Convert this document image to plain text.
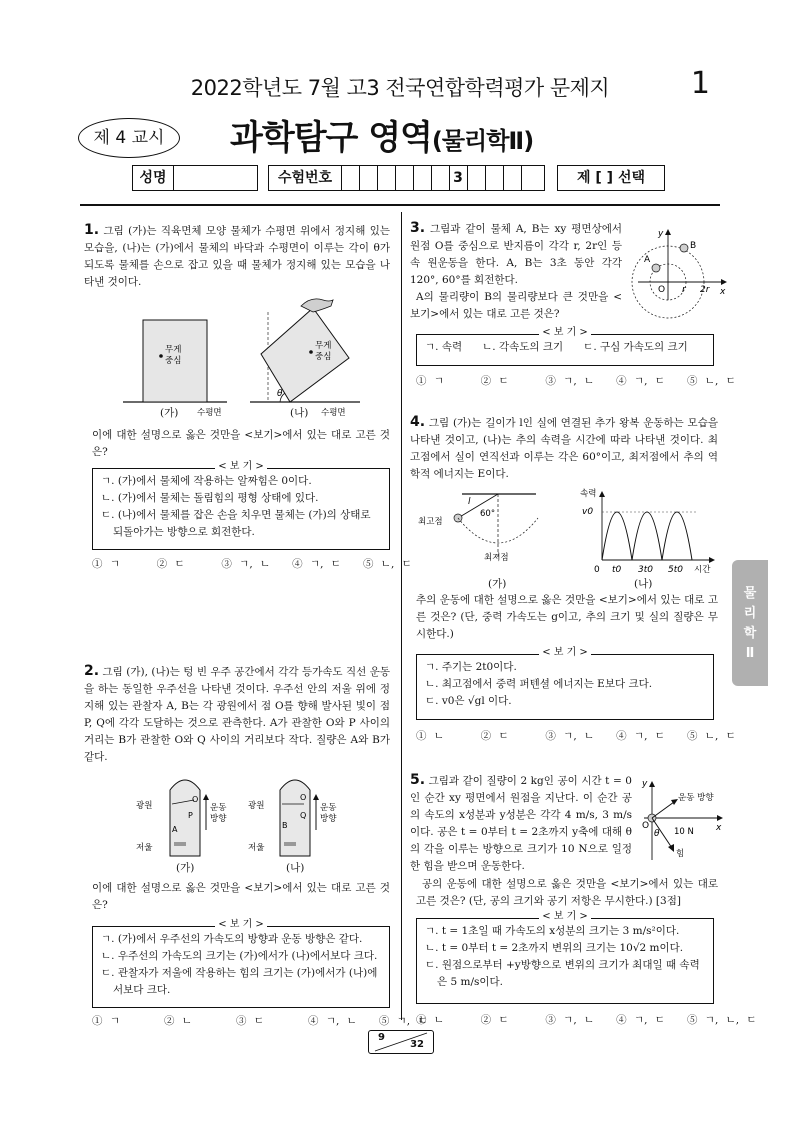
2022학년도 7월 고3 전국연합학력평가 문제지	1
제 4 교시	과학탐구 영역(물리학Ⅱ)
성명	수험번호	3	제 [ ] 선택
1. 그림 (가)는 직육면체 모양 물체가 수평면 위에서 정지해 있는 모습을, (나)는 (가)에서 물체의 바닥과 수평면이 이루는 각이 θ가 되도록 물체를 손으로 잡고 있을 때 물체가 정지해 있는 모습을 나타낸 것이다.
무게
중심
수평면
무게
중심
θ
수평면
(가)	(나)
이에 대한 설명으로 옳은 것만을 <보기>에서 있는 대로 고른 것은?
< 보 기 >
ㄱ. (가)에서 물체에 작용하는 알짜힘은 0이다.
ㄴ. (가)에서 물체는 돌림힘의 평형 상태에 있다.
ㄷ. (나)에서 물체를 잡은 손을 치우면 물체는 (가)의 상태로 되돌아가는 방향으로 회전한다.
① ㄱ     ② ㄷ     ③ ㄱ, ㄴ   ④ ㄱ, ㄷ   ⑤ ㄴ, ㄷ
2. 그림 (가), (나)는 텅 빈 우주 공간에서 각각 등가속도 직선 운동을 하는 동일한 우주선을 나타낸 것이다. 우주선 안의 저울 위에 정지해 있는 관찰자 A, B는 각 광원에서 점 O를 향해 발사된 빛이 점 P, Q에 각각 도달하는 것으로 관측한다. A가 관찰한 O와 P 사이의 거리는 B가 관찰한 O와 Q 사이의 거리보다 작다. 질량은 A와 B가 같다.
광원
O
P
A
저울
운동
방향
광원
O
Q
B
저울
운동
방향
(가)	(나)
이에 대한 설명으로 옳은 것만을 <보기>에서 있는 대로 고른 것은?
< 보 기 >
ㄱ. (가)에서 우주선의 가속도의 방향과 운동 방향은 같다.
ㄴ. 우주선의 가속도의 크기는 (가)에서가 (나)에서보다 크다.
ㄷ. 관찰자가 저울에 작용하는 힘의 크기는 (가)에서가 (나)에서보다 크다.
① ㄱ      ② ㄴ      ③ ㄷ      ④ ㄱ, ㄴ   ⑤ ㄱ, ㄷ
3. 그림과 같이 물체 A, B는 xy 평면상에서 원점 O를 중심으로 반지름이 각각 r, 2r인 등속 원운동을 한다. A, B는 3초 동안 각각 120°, 60°를 회전한다.
A의 물리량이 B의 물리량보다 큰 것만을 <보기>에서 있는 대로 고른 것은?
y
x
A
B
O r 2r
< 보 기 >
ㄱ. 속력      ㄴ. 각속도의 크기      ㄷ. 구심 가속도의 크기
① ㄱ     ② ㄷ     ③ ㄱ, ㄴ   ④ ㄱ, ㄷ   ⑤ ㄴ, ㄷ
4. 그림 (가)는 길이가 l인 실에 연결된 추가 왕복 운동하는 모습을 나타낸 것이고, (나)는 추의 속력을 시간에 따라 나타낸 것이다. 최고점에서 실이 연직선과 이루는 각은 60°이고, 최저점에서 추의 역학적 에너지는 E이다.
l
60°
최고점
최저점
속력
v0
0 t0 3t0 5t0 시간
(가)	(나)
추의 운동에 대한 설명으로 옳은 것만을 <보기>에서 있는 대로 고른 것은? (단, 중력 가속도는 g이고, 추의 크기 및 실의 질량은 무시한다.)
< 보 기 >
ㄱ. 주기는 2t0이다.
ㄴ. 최고점에서 중력 퍼텐셜 에너지는 E보다 크다.
ㄷ. v0은 √gl 이다.
① ㄴ     ② ㄷ     ③ ㄱ, ㄴ   ④ ㄱ, ㄷ   ⑤ ㄴ, ㄷ
5. 그림과 같이 질량이 2 kg인 공이 시간 t = 0인 순간 xy 평면에서 원점을 지난다. 이 순간 공의 속도의 x성분과 y성분은 각각 4 m/s, 3 m/s이다. 공은 t = 0부터 t = 2초까지 y축에 대해 θ의 각을 이루는 방향으로 크기가 10 N으로 일정한 힘을 받으며 운동한다.
y
x
운동 방향
10 N
힘
O
θ
공의 운동에 대한 설명으로 옳은 것만을 <보기>에서 있는 대로 고른 것은? (단, 공의 크기와 공기 저항은 무시한다.) [3점]
< 보 기 >
ㄱ. t = 1초일 때 가속도의 x성분의 크기는 3 m/s²이다.
ㄴ. t = 0부터 t = 2초까지 변위의 크기는 10√2 m이다.
ㄷ. 원점으로부터 +y방향으로 변위의 크기가 최대일 때 속력은 5 m/s이다.
① ㄴ     ② ㄷ     ③ ㄱ, ㄴ   ④ ㄱ, ㄷ   ⑤ ㄱ, ㄴ, ㄷ
물
리
학
Ⅱ
9
32
